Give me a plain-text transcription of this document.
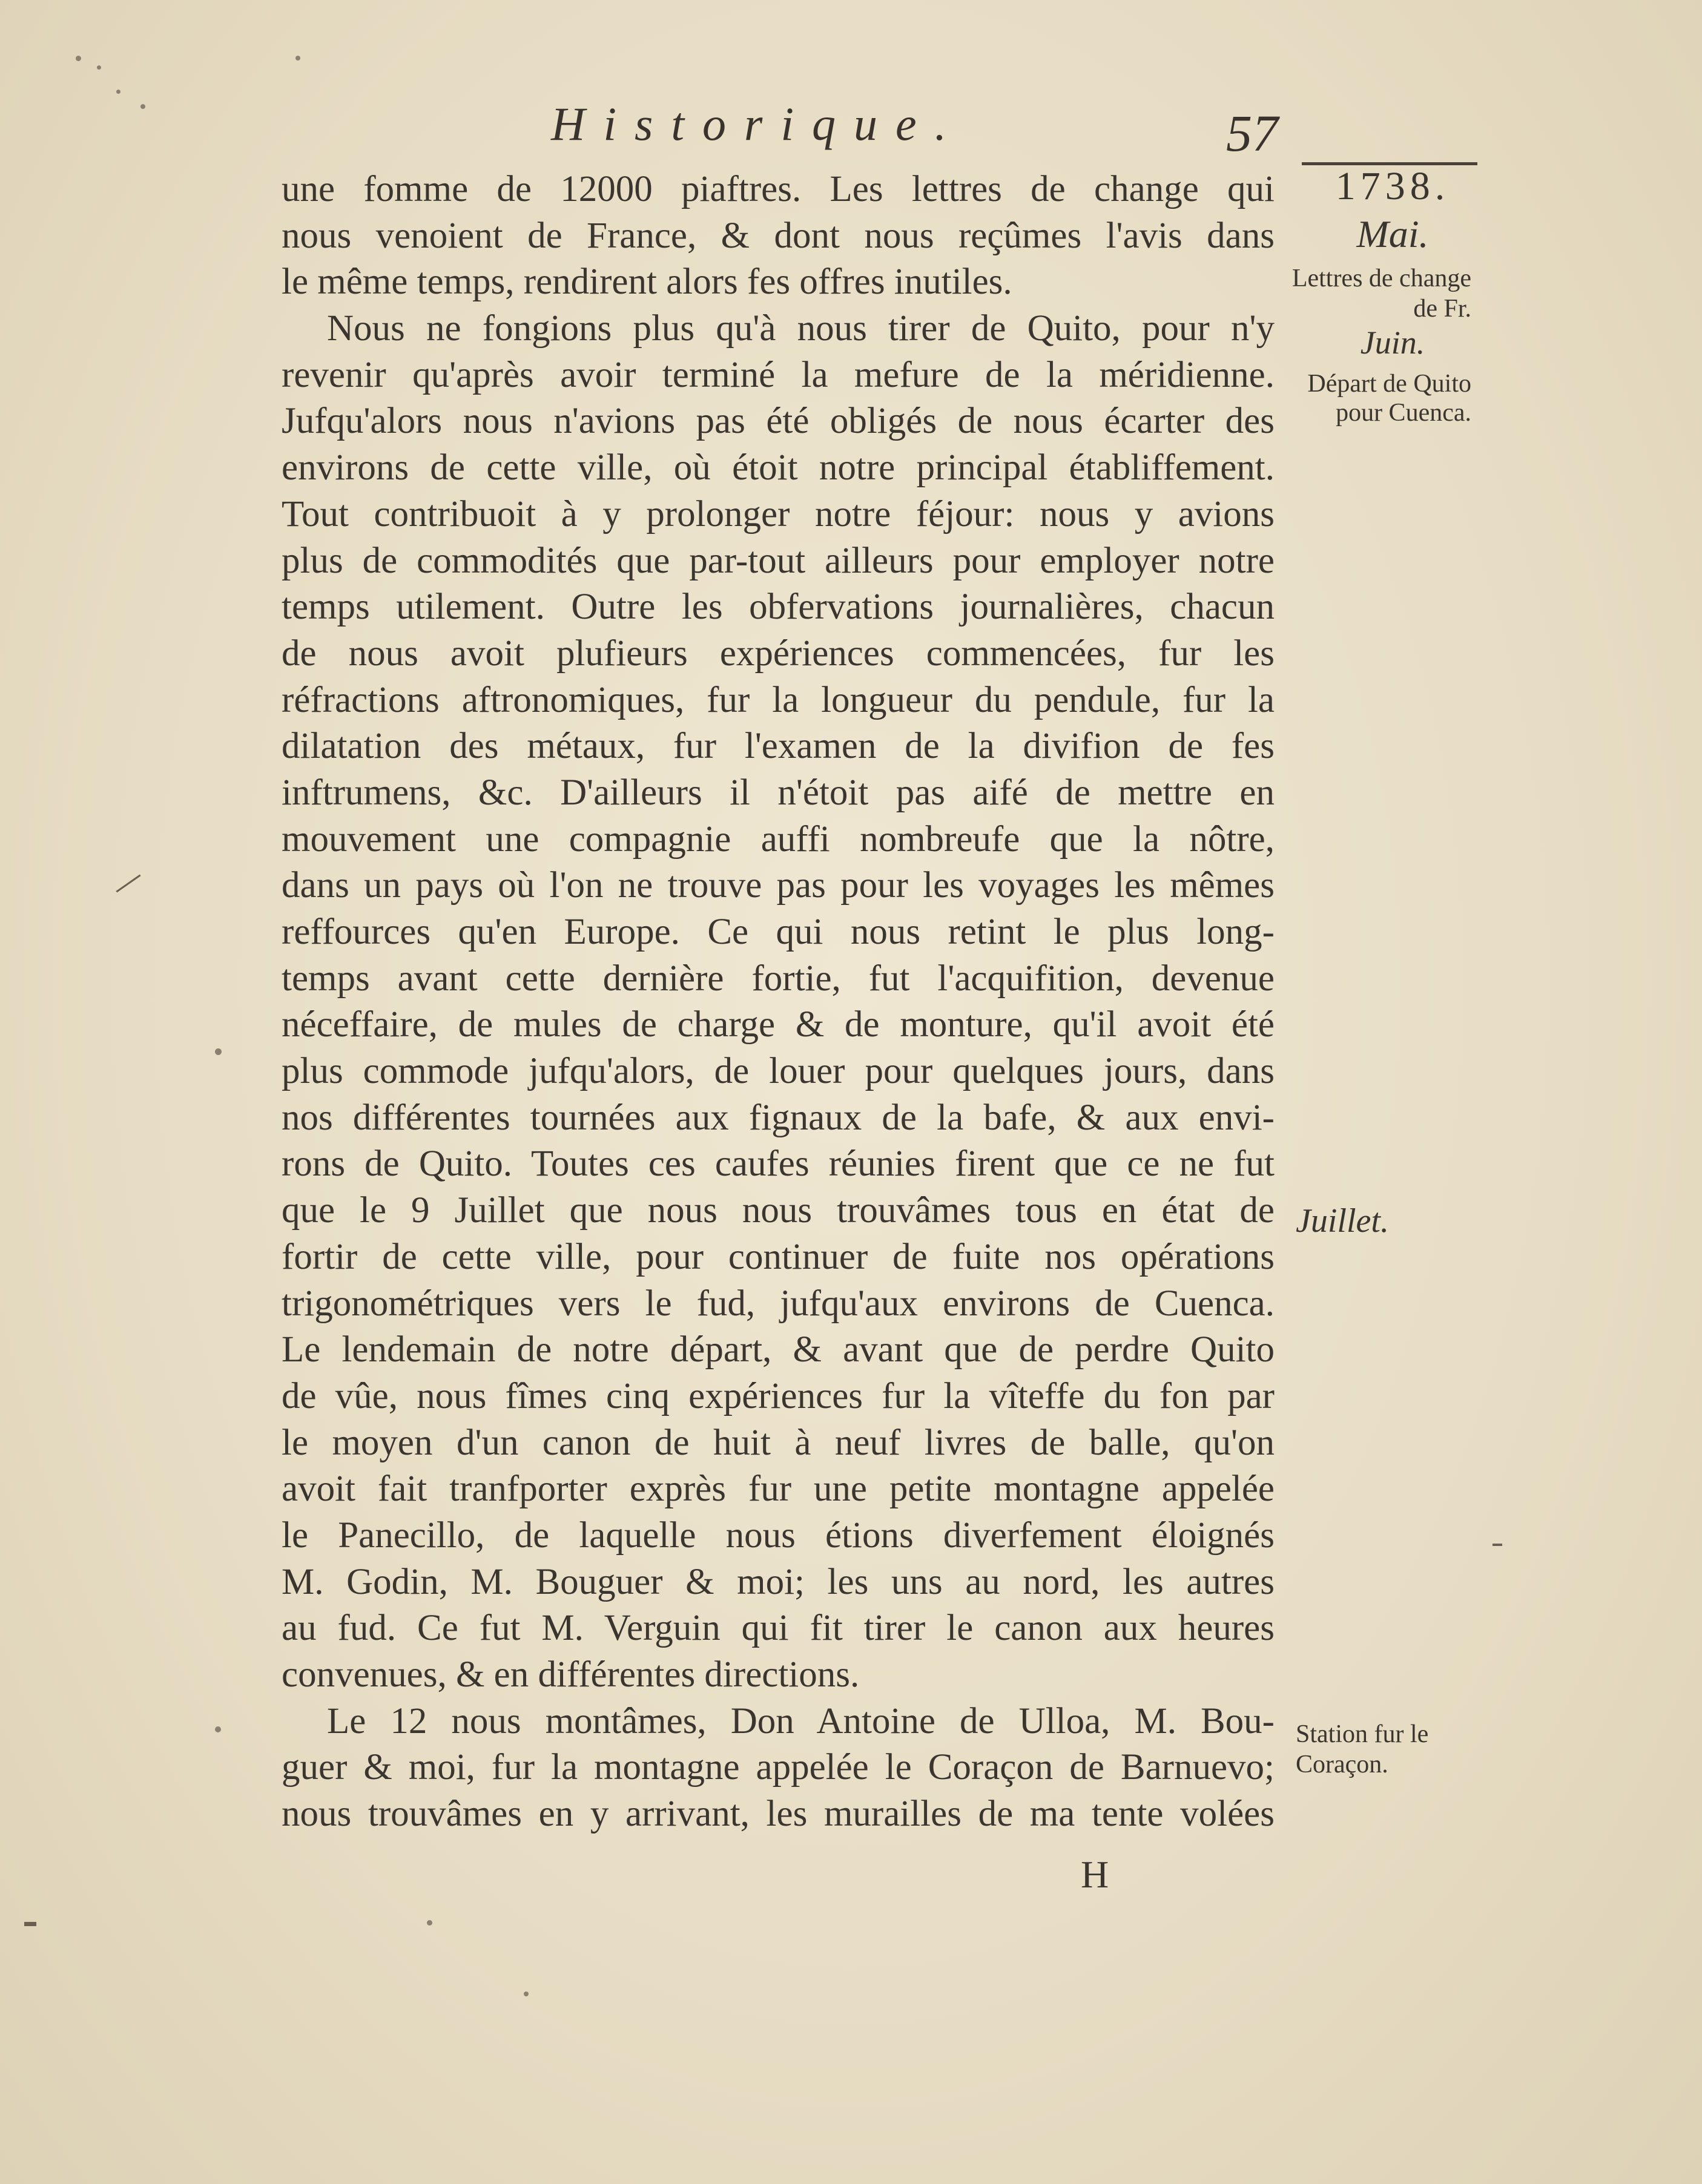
Historique.	57
une fomme de 12000 piaftres. Les lettres de change qui
nous venoient de France, & dont nous reçûmes l'avis dans
le même temps, rendirent alors fes offres inutiles.
Nous ne fongions plus qu'à nous tirer de Quito, pour n'y
revenir qu'après avoir terminé la mefure de la méridienne.
Jufqu'alors nous n'avions pas été obligés de nous écarter des
environs de cette ville, où étoit notre principal établiffement.
Tout contribuoit à y prolonger notre féjour: nous y avions
plus de commodités que par-tout ailleurs pour employer notre
temps utilement. Outre les obfervations journalières, chacun
de nous avoit plufieurs expériences commencées, fur les
réfractions aftronomiques, fur la longueur du pendule, fur la
dilatation des métaux, fur l'examen de la divifion de fes
inftrumens, &c. D'ailleurs il n'étoit pas aifé de mettre en
mouvement une compagnie auffi nombreufe que la nôtre,
dans un pays où l'on ne trouve pas pour les voyages les mêmes
reffources qu'en Europe. Ce qui nous retint le plus long-
temps avant cette dernière fortie, fut l'acquifition, devenue
néceffaire, de mules de charge & de monture, qu'il avoit été
plus commode jufqu'alors, de louer pour quelques jours, dans
nos différentes tournées aux fignaux de la bafe, & aux envi-
rons de Quito. Toutes ces caufes réunies firent que ce ne fut
que le 9 Juillet que nous nous trouvâmes tous en état de
fortir de cette ville, pour continuer de fuite nos opérations
trigonométriques vers le fud, jufqu'aux environs de Cuenca.
Le lendemain de notre départ, & avant que de perdre Quito
de vûe, nous fîmes cinq expériences fur la vîteffe du fon par
le moyen d'un canon de huit à neuf livres de balle, qu'on
avoit fait tranfporter exprès fur une petite montagne appelée
le Panecillo, de laquelle nous étions diverfement éloignés
M. Godin, M. Bouguer & moi; les uns au nord, les autres
au fud. Ce fut M. Verguin qui fit tirer le canon aux heures
convenues, & en différentes directions.
Le 12 nous montâmes, Don Antoine de Ulloa, M. Bou-
guer & moi, fur la montagne appelée le Coraçon de Barnuevo;
nous trouvâmes en y arrivant, les murailles de ma tente volées
H
1738.
Mai.
Lettres de change de Fr.
Juin.
Départ de Quito pour Cuenca.
Juillet.
Station fur le Coraçon.
